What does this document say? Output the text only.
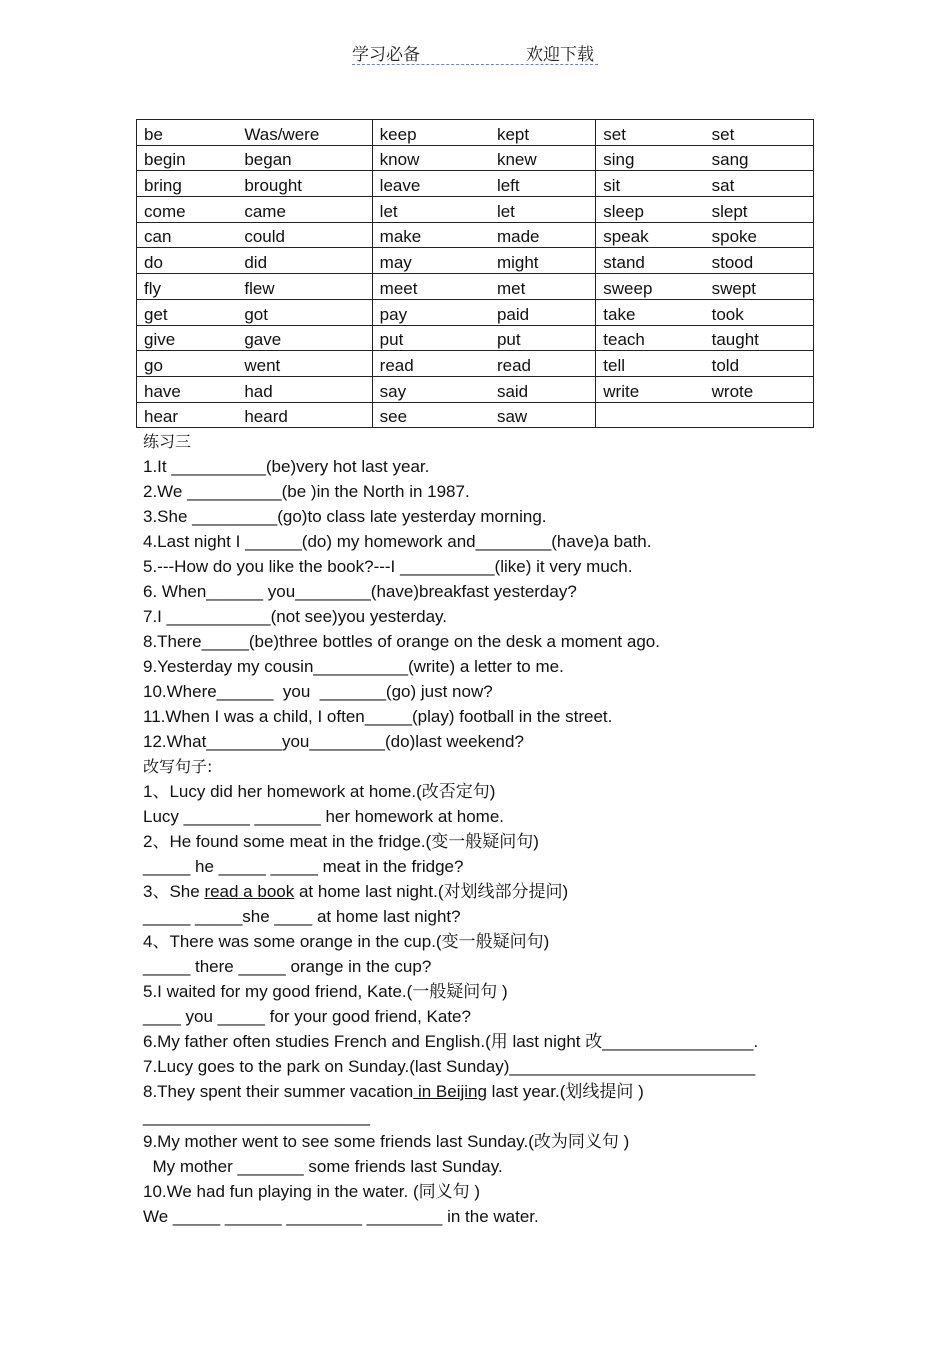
学习必备	欢迎下载
be	Was/were	keep	kept	set	set
begin	began	know	knew	sing	sang
bring	brought	leave	left	sit	sat
come	came	let	let	sleep	slept
can	could	make	made	speak	spoke
do	did	may	might	stand	stood
fly	flew	meet	met	sweep	swept
get	got	pay	paid	take	took
give	gave	put	put	teach	taught
go	went	read	read	tell	told
have	had	say	said	write	wrote
hear	heard	see	saw		
练习三
1.It __________(be)very hot last year.
2.We __________(be )in the North in 1987.
3.She _________(go)to class late yesterday morning.
4.Last night I ______(do) my homework and________(have)a bath.
5.---How do you like the book?---I __________(like) it very much.
6. When______ you________(have)breakfast yesterday?
7.I ___________(not see)you yesterday.
8.There_____(be)three bottles of orange on the desk a moment ago.
9.Yesterday my cousin__________(write) a letter to me.
10.Where______  you  _______(go) just now?
11.When I was a child, I often_____(play) football in the street.
12.What________you________(do)last weekend?
改写句子:
1、Lucy did her homework at home.(改否定句)
Lucy _______ _______ her homework at home.
2、He found some meat in the fridge.(变一般疑问句)
_____ he _____ _____ meat in the fridge?
3、She read a book at home last night.(对划线部分提问)
_____ _____she ____ at home last night?
4、There was some orange in the cup.(变一般疑问句)
_____ there _____ orange in the cup?
5.I waited for my good friend, Kate.(一般疑问句 )
____ you _____ for your good friend, Kate?
6.My father often studies French and English.(用 last night 改________________.
7.Lucy goes to the park on Sunday.(last Sunday)__________________________
8.They spent their summer vacation in Beijing last year.(划线提问 )
________________________
9.My mother went to see some friends last Sunday.(改为同义句 )
My mother _______ some friends last Sunday.
10.We had fun playing in the water. (同义句 )
We _____ ______ ________ ________ in the water.
